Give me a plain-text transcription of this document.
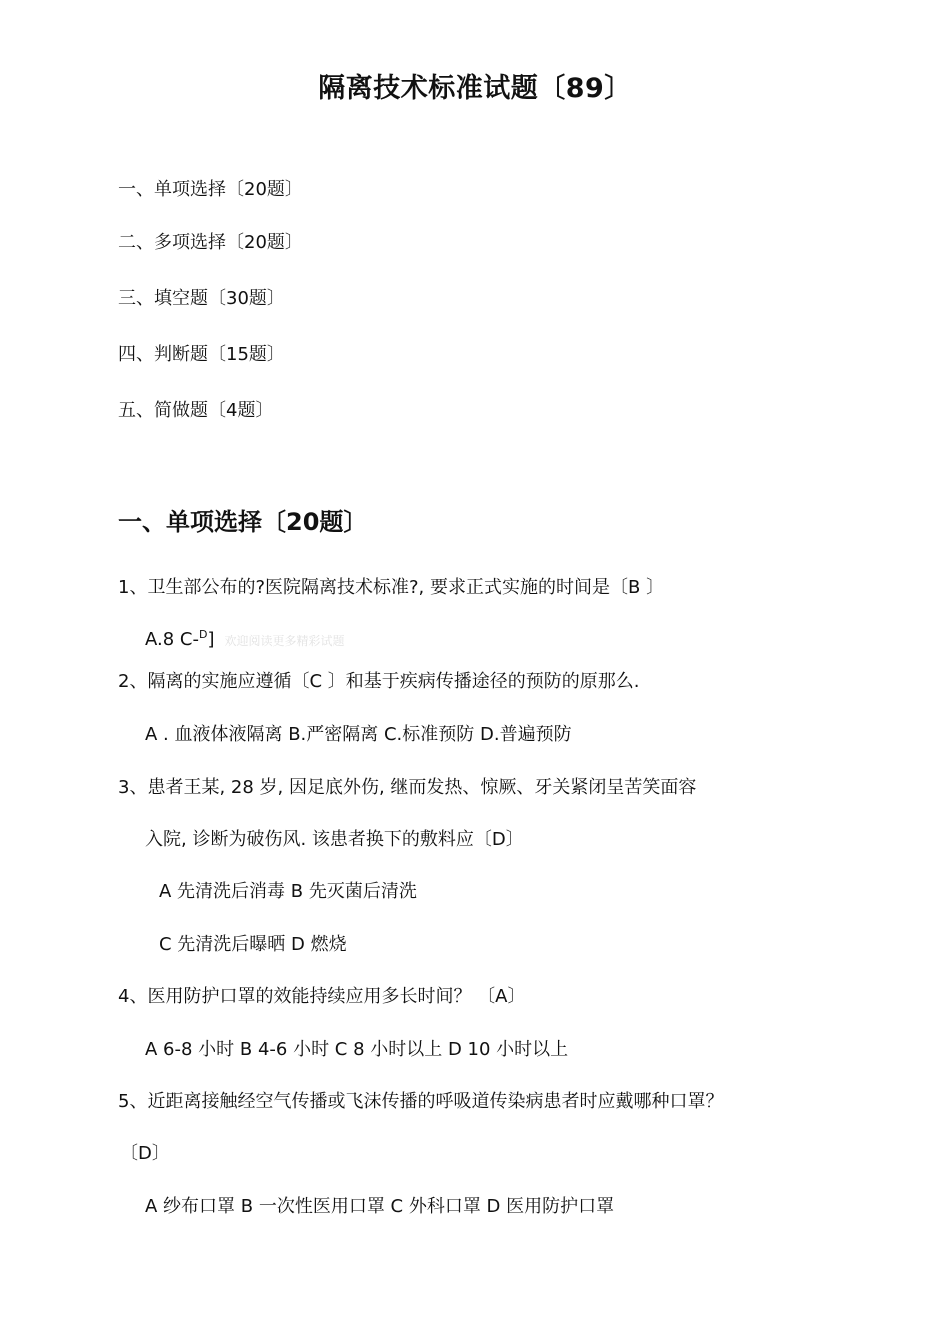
隔离技术标准试题〔89〕
一、单项选择〔20题〕
二、多项选择〔20题〕
三、填空题〔30题〕
四、判断题〔15题〕
五、简做题〔4题〕
一、单项选择〔20题〕
1、卫生部公布的?医院隔离技术标准?, 要求正式实施的时间是〔B 〕
A.8 C-$^D$] 欢迎阅读更多精彩试题
2、隔离的实施应遵循〔C 〕和基于疾病传播途径的预防的原那么.
A . 血液体液隔离 B.严密隔离 C.标准预防 D.普遍预防
3、患者王某, 28 岁, 因足底外伤, 继而发热、惊厥、牙关紧闭呈苦笑面容
入院, 诊断为破伤风. 该患者换下的敷料应〔D〕
A 先清洗后消毒 B 先灭菌后清洗
C 先清洗后曝晒 D 燃烧
4、医用防护口罩的效能持续应用多长时间？ 〔A〕
A 6-8 小时 B 4-6 小时 C 8 小时以上 D 10 小时以上
5、近距离接触经空气传播或飞沫传播的呼吸道传染病患者时应戴哪种口罩？
〔D〕
A 纱布口罩 B 一次性医用口罩 C 外科口罩 D 医用防护口罩
